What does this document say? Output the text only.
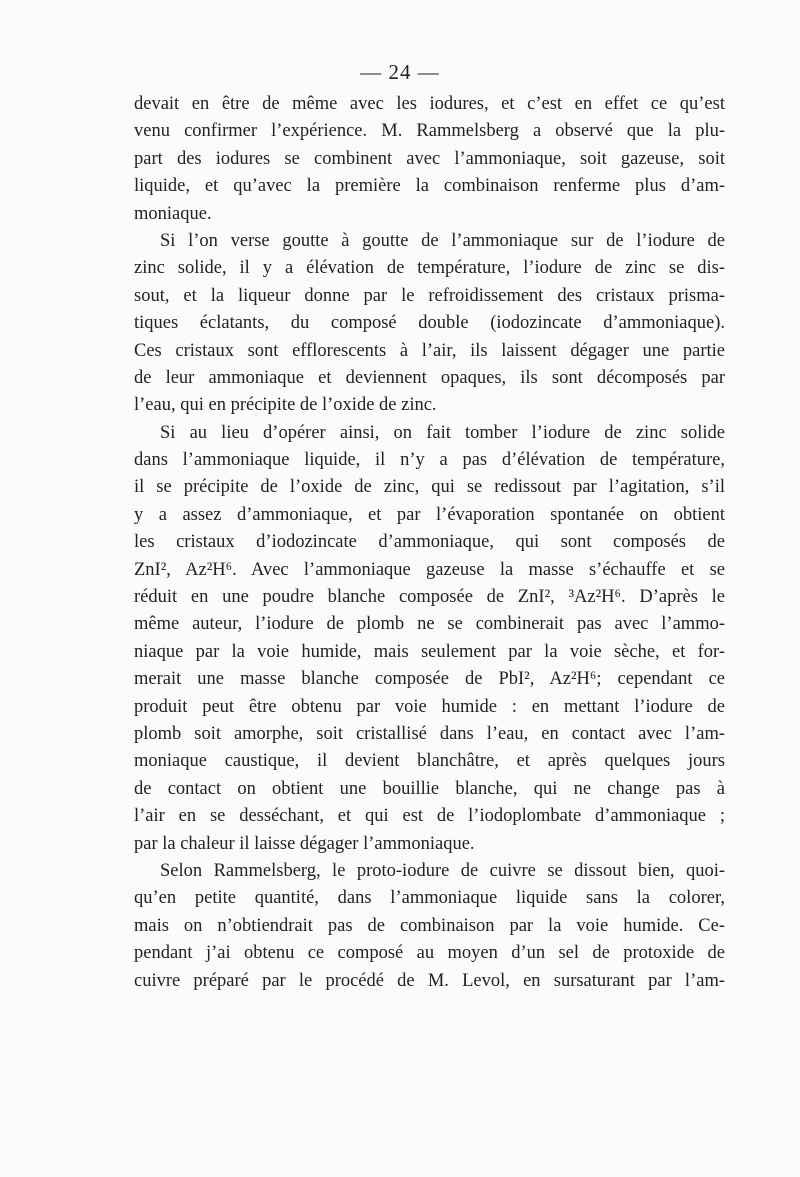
— 24 —
devait en être de même avec les iodures, et c’est en effet ce qu’est
venu confirmer l’expérience. M. Rammelsberg a observé que la plu-
part des iodures se combinent avec l’ammoniaque, soit gazeuse, soit
liquide, et qu’avec la première la combinaison renferme plus d’am-
moniaque.
Si l’on verse goutte à goutte de l’ammoniaque sur de l’iodure de
zinc solide, il y a élévation de température, l’iodure de zinc se dis-
sout, et la liqueur donne par le refroidissement des cristaux prisma-
tiques éclatants, du composé double (iodozincate d’ammoniaque).
Ces cristaux sont efflorescents à l’air, ils laissent dégager une partie
de leur ammoniaque et deviennent opaques, ils sont décomposés par
l’eau, qui en précipite de l’oxide de zinc.
Si au lieu d’opérer ainsi, on fait tomber l’iodure de zinc solide
dans l’ammoniaque liquide, il n’y a pas d’élévation de température,
il se précipite de l’oxide de zinc, qui se redissout par l’agitation, s’il
y a assez d’ammoniaque, et par l’évaporation spontanée on obtient
les cristaux d’iodozincate d’ammoniaque, qui sont composés de
ZnI², Az²H⁶. Avec l’ammoniaque gazeuse la masse s’échauffe et se
réduit en une poudre blanche composée de ZnI², ³Az²H⁶. D’après le
même auteur, l’iodure de plomb ne se combinerait pas avec l’ammo-
niaque par la voie humide, mais seulement par la voie sèche, et for-
merait une masse blanche composée de PbI², Az²H⁶; cependant ce
produit peut être obtenu par voie humide : en mettant l’iodure de
plomb soit amorphe, soit cristallisé dans l’eau, en contact avec l’am-
moniaque caustique, il devient blanchâtre, et après quelques jours
de contact on obtient une bouillie blanche, qui ne change pas à
l’air en se desséchant, et qui est de l’iodoplombate d’ammoniaque ;
par la chaleur il laisse dégager l’ammoniaque.
Selon Rammelsberg, le proto-iodure de cuivre se dissout bien, quoi-
qu’en petite quantité, dans l’ammoniaque liquide sans la colorer,
mais on n’obtiendrait pas de combinaison par la voie humide. Ce-
pendant j’ai obtenu ce composé au moyen d’un sel de protoxide de
cuivre préparé par le procédé de M. Levol, en sursaturant par l’am-
